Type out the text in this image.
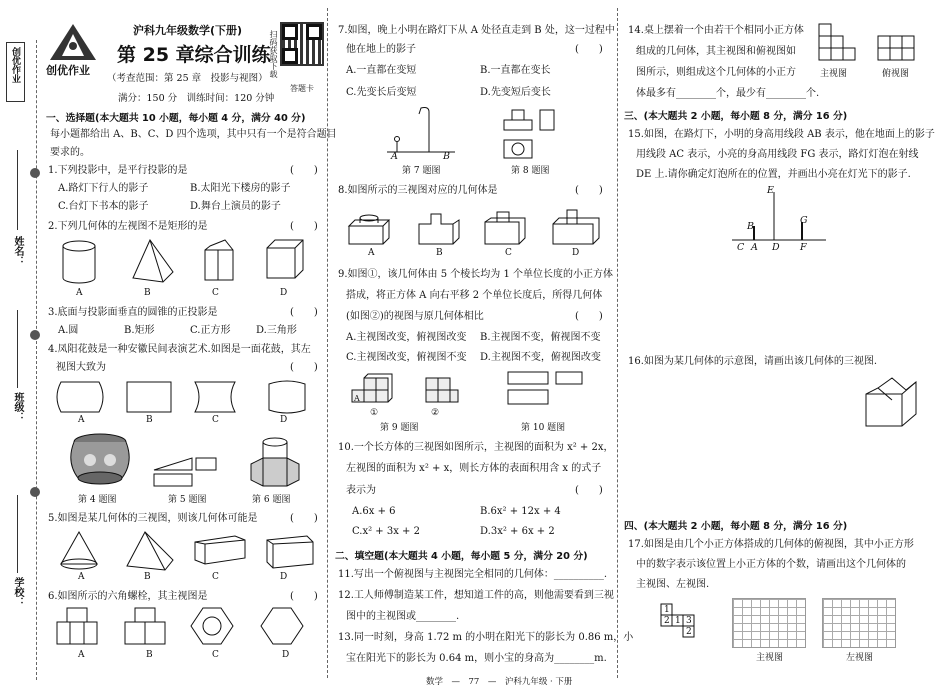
创优作业
姓名：
班级：
学校：
创优作业
沪科九年级数学(下册)
第 25 章综合训练
（考查范围：第 25 章　投影与视图）
满分：150 分　训练时间：120 分钟
扫码获取下载
答题卡
一、选择题(本大题共 10 小题，每小题 4 分，满分 40 分)
每小题都给出 A、B、C、D 四个选项，其中只有一个是符合题目
要求的。
1.下列投影中，是平行投影的是	(　　)
A.路灯下行人的影子	B.太阳光下楼房的影子
C.台灯下书本的影子	D.舞台上演员的影子
2.下列几何体的左视图不是矩形的是	(　　)
A	B	C	D
3.底面与投影面垂直的圆锥的正投影是	(　　)
A.圆	B.矩形	C.正方形	D.三角形
4.凤阳花鼓是一种安徽民间表演艺术.如图是一面花鼓，其左
视图大致为	(　　)
A	B	C	D
第 4 题图	第 5 题图	第 6 题图
5.如图是某几何体的三视图，则该几何体可能是	(　　)
A	B	C	D
6.如图所示的六角螺栓，其主视图是	(　　)
A	B	C	D
7.如图，晚上小明在路灯下从 A 处径直走到 B 处，这一过程中
他在地上的影子	(　　)
A.一直都在变短	B.一直都在变长
C.先变长后变短	D.先变短后变长
A	B
第 7 题图	第 8 题图
8.如图所示的三视图对应的几何体是	(　　)
A	B	C	D
9.如图①，该几何体由 5 个棱长均为 1 个单位长度的小正方体
搭成，将正方体 A 向右平移 2 个单位长度后，所得几何体
(如图②)的视图与原几何体相比	(　　)
A.主视图改变，俯视图改变 B.主视图不变，俯视图不变
C.主视图改变，俯视图不变 D.主视图不变，俯视图改变
A
①	②
第 9 题图	第 10 题图
10.一个长方体的三视图如图所示，主视图的面积为 x² + 2x，
左视图的面积为 x² + x，则长方体的表面积用含 x 的式子
表示为	(　　)
A.6x + 6	B.6x² + 12x + 4
C.x² + 3x + 2	D.3x² + 6x + 2
二、填空题(本大题共 4 小题，每小题 5 分，满分 20 分)
11.写出一个俯视图与主视图完全相同的几何体：__________.
12.工人师傅制造某工件，想知道工件的高，则他需要看到三视
图中的主视图或________.
13.同一时刻，身高 1.72 m 的小明在阳光下的影长为 0.86 m，小
宝在阳光下的影长为 0.64 m，则小宝的身高为________m.
数学　—　77　—　沪科九年级 · 下册
14.桌上摆着一个由若干个相同小正方体
组成的几何体，其主视图和俯视图如
图所示，则组成这个几何体的小正方
体最多有________个，最少有________个.
主视图	俯视图
三、(本大题共 2 小题，每小题 8 分，满分 16 分)
15.如图，在路灯下，小明的身高用线段 AB 表示，他在地面上的影子
用线段 AC 表示，小亮的身高用线段 FG 表示，路灯灯泡在射线
DE 上.请你确定灯泡所在的位置，并画出小亮在灯光下的影子.
E
B
G
C A D F
16.如图为某几何体的示意图，请画出该几何体的三视图.
四、(本大题共 2 小题，每小题 8 分，满分 16 分)
17.如图是由几个小正方体搭成的几何体的俯视图，其中小正方形
中的数字表示该位置上小正方体的个数，请画出这个几何体的
主视图、左视图.
1
2 1 3
2
主视图	左视图
